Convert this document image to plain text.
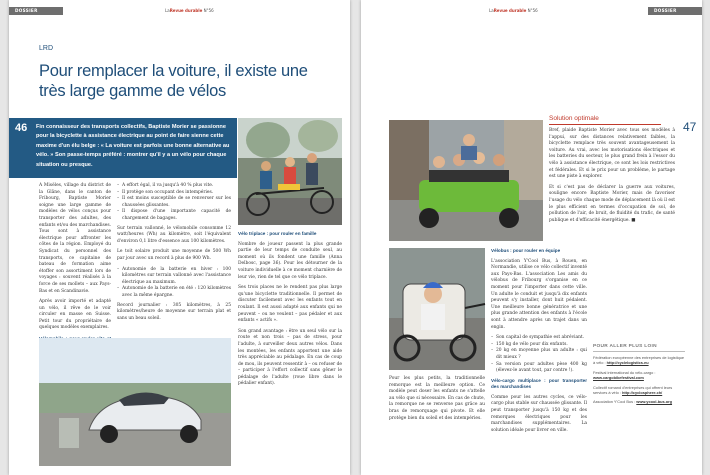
DOSSIER	LaRevue durable N°56
LRD
Pour remplacer la voiture, il existe une très large gamme de vélos
46 Fin connaisseur des transports collectifs, Baptiste Morier se passionne pour la bicyclette à assistance électrique au point de faire sienne cette maxime d'un élu belge : « La voiture est parfois une bonne alternative au vélo. » Son passe-temps préféré : montrer qu'il y a un vélo pour chaque situation ou presque.

A Misèles, village du district de la Glâne, dans le canton de Fribourg, Baptiste Morier soigne une large gamme de modèles de vélos conçus pour transporter des adultes, des enfants et/ou des marchandises. Tous sont à assistance électrique pour affronter les côtes de la région. Employé du Syndicat du personnel des transports, ce capitaine de bateau de formation aime étoffer son assortiment lors de voyages : souvent réalisés à la force de ses mollets – aux Pays-Bas et en Scandinavie.

Après avoir importé et adapté un vélo, il rêve de le voir circuler en masse en Suisse. Petit tour du propriétaire de quelques modèles exemplaires.

– A effort égal, il va jusqu'à 40 % plus vite.
– Il protège son occupant des intempéries.
– Il est moins susceptible de se renverser sur les chaussées glissantes.
– Il dispose d'une importante capacité de chargement de bagages.

Sur terrain vallonné, le vélomobile consomme 12 watt/heures (Wh) au kilomètre, soit l'équivalent d'environ 0,1 litre d'essence aux 100 kilomètres.

Le toit solaire produit une moyenne de 500 Wh par jour avec un record à plus de 900 Wh.

– Autonomie de la batterie en hiver : 100 kilomètres sur terrain vallonné avec l'assistance électrique au maximum.
– Autonomie de la batterie en été : 120 kilomètres avec la même épargne.

Record journalier : 305 kilomètres, à 25 kilomètres/heure de moyenne sur terrain plat et sans un beau soleil.

Vélo triplace : pour rouler en famille

Nombre de joueur passent la plus grande partie de leur temps de conduite seul, au moment où ils fondent une famille (Anna Delbosc, page 36). Pour les détourner de la voiture individuelle à ce moment charnière de leur vie, rien de tel que ce vélo triplace.

Ses trois places ne le rendent pas plus large qu'une bicyclette traditionnelle. Il permet de discuter facilement avec les enfants tout en roulant. Il est aussi adapté aux enfants qui ne peuvent – ou ne veulent – pas pédaler et aux enfants « actifs ».

Son grand avantage : être un seul vélo sur la route et non trois – pas de stress, pour l'adulte, à surveiller deux autres vélos. Dans les montées, les enfants apportent une aide très appréciable au pédalage. En cas de coup de mou, ils peuvent ressentir à – ou refuser de – participer à l'effort collectif sans gêner le pédalage de l'adulte (roue libre dans le pédalier enfant).

LaRevue durable N°56	DOSSIER
47
Solution optimale

Bref, plaide Baptiste Morier avec tous ses modèles à l'appui, sur des distances relativement faibles, la bicyclette remplace très souvent avantageusement la voiture. Au vrai, avec les motorisations électriques et les batteries du secteur, le plus grand frein à l'essor du vélo à assistance électrique, ce sont les lois restrictives et fédérales. Et si le prix pour un problème, le partage est une piste à explorer.

Et si c'est pas de déclarer la guerre aux voitures, souligne encore Baptiste Morier, mais de favoriser l'usage du vélo chaque mode de déplacement là où il est le plus efficient en termes d'occupation de sol, de pollution de l'air, de bruit, de fluidité du trafic, de santé publique et d'efficacité énergétique. ■

Pour les plus petits, la traditionnelle remorque est la meilleure option. Ce modèle peut doser les enfants ne s'attelle au vélo que si nécessaire. En cas de chute, la remorque ne se renverse pas grâce au bras de remorquage qui pivote. Et elle protège bien du soleil et des intempéries.

Vélobus : pour rouler en équipe

L'association Y'Cool Bus, à Rouen, en Normandie, utilise ce vélo collectif inventé aux Pays-Bas. L'association Les amis du vélobus de Fribourg s'organise en ce moment pour l'importer dans cette ville. Un adulte le conduit et jusqu'à dix enfants peuvent s'y installer, dont huit pédalent. Une meilleure bonne génératrice et une plus grande attention des enfants à l'école sont à attendre après un trajet dans un engin.

– Son capital de sympathie est abréviant.
– 150 kg de vélo pour dix enfants.
– 20 kg en moyenne plus un adulte : qui dit mieux ?
– Sa version pour adultes pèse 400 kg (élevez-le avant tout, par contre !).

Vélo-cargo multiplace : pour transporter des marchandises

Comme pour les autres cycles, ce vélo-cargo plus stable sur chaussée glissante. Il peut transporter jusqu'à 150 kg et des remorques électriques pour les marchandises supplémentaires. La solution idéale pour livrer en ville.

POUR ALLER PLUS LOIN

Fédération européenne des entreprises de logistique à vélo : http://cyclelogistics.eu

Festival international du vélo-cargo : www.cargobikefestival.com

Collectif romand d'entreprises qui offrent leurs services à vélo : http://cyclosphere.ch/

Association Y'Cool Bus : www.ycool-bus.org
